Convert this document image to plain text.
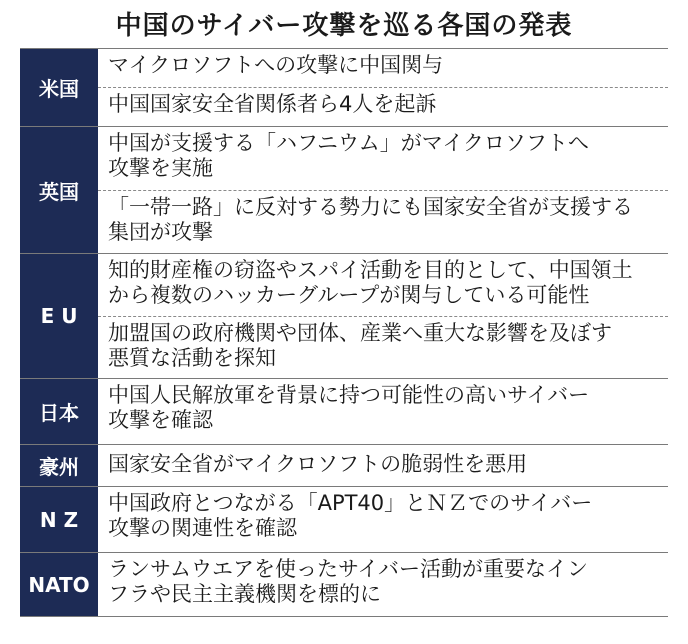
中国のサイバー攻撃を巡る各国の発表
米国
マイクロソフトへの攻撃に中国関与
中国国家安全省関係者ら4人を起訴
英国
中国が支援する「ハフニウム」がマイクロソフトへ
攻撃を実施
「一帯一路」に反対する勢力にも国家安全省が支援する
集団が攻撃
E U
知的財産権の窃盗やスパイ活動を目的として、中国領土
から複数のハッカーグループが関与している可能性
加盟国の政府機関や団体、産業へ重大な影響を及ぼす
悪質な活動を探知
日本
中国人民解放軍を背景に持つ可能性の高いサイバー
攻撃を確認
豪州	国家安全省がマイクロソフトの脆弱性を悪用
N Z
中国政府とつながる「APT40」とＮＺでのサイバー
攻撃の関連性を確認
NATO
ランサムウエアを使ったサイバー活動が重要なイン
フラや民主主義機関を標的に
